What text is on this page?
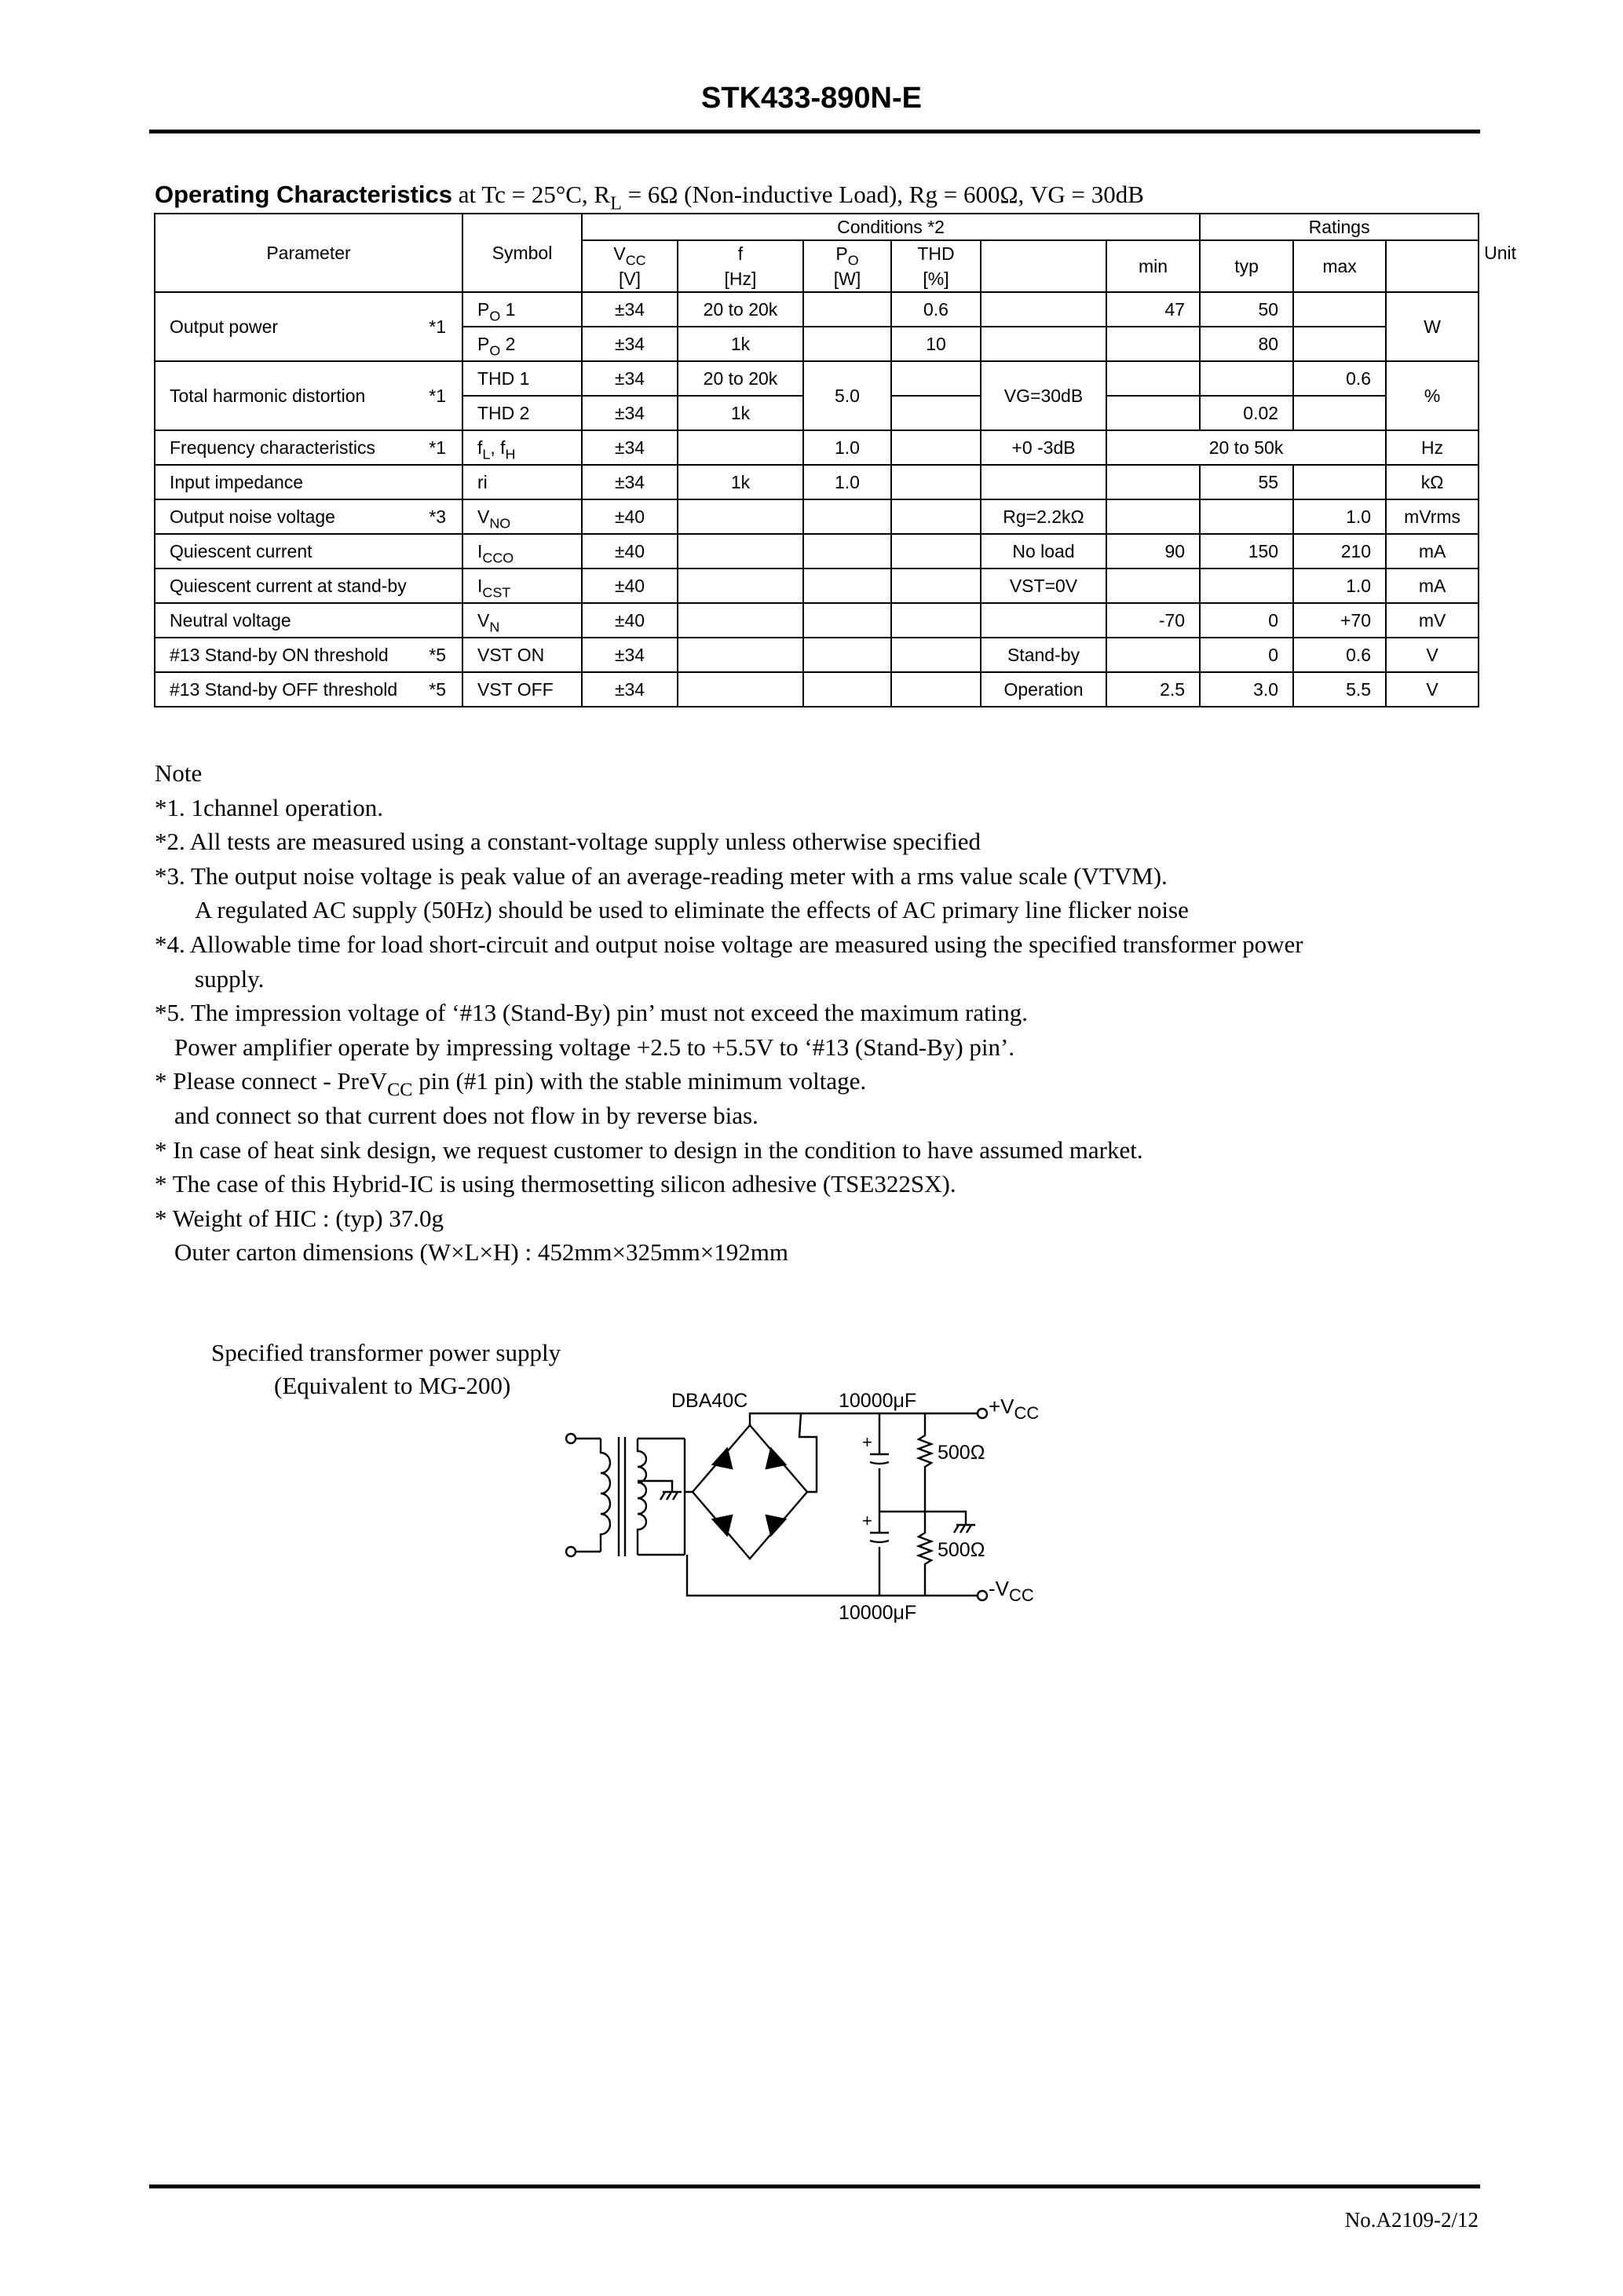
STK433-890N-E
Operating Characteristics at Tc = 25°C, $R_L = 6\Omega$ (Non-inductive Load), Rg = 600Ω, VG = 30dB
Parameter		Symbol	Conditions *2						Ratings			Unit
			$V_{CC}$	f	$P_O$	THD		min	typ	max		
			[V]	[Hz]	[W]	[%]						
Output power	*1	$P_O$ 1	±34	20 to 20k		0.6		47	50		W	
		$P_O$ 2	±34	1k		10			80			
Total harmonic distortion	*1	THD 1	±34	20 to 20k	5.0		VG=30dB			0.6	%	
		THD 2	±34	1k					0.02			
Frequency characteristics	*1	$f_L$, $f_H$	±34		1.0		+0 -3dB	20 to 50k			Hz	
Input impedance		ri	±34	1k	1.0				55		kΩ	
Output noise voltage	*3	$V_{NO}$	±40				Rg=2.2kΩ			1.0	mVrms	
Quiescent current		$I_{CCO}$	±40				No load	90	150	210	mA	
Quiescent current at stand-by		$I_{CST}$	±40				VST=0V			1.0	mA	
Neutral voltage		$V_N$	±40					-70	0	+70	mV	
#13 Stand-by ON threshold	*5	VST ON	±34				Stand-by		0	0.6	V	
#13 Stand-by OFF threshold	*5	VST OFF	±34				Operation	2.5	3.0	5.5	V	
Note
*1. 1channel operation.
*2. All tests are measured using a constant-voltage supply unless otherwise specified
*3. The output noise voltage is peak value of an average-reading meter with a rms value scale (VTVM).
A regulated AC supply (50Hz) should be used to eliminate the effects of AC primary line flicker noise
*4. Allowable time for load short-circuit and output noise voltage are measured using the specified transformer power
supply.
*5. The impression voltage of ‘#13 (Stand-By) pin’ must not exceed the maximum rating.
Power amplifier operate by impressing voltage +2.5 to +5.5V to ‘#13 (Stand-By) pin’.
* Please connect - PreV$_{CC}$ pin (#1 pin) with the stable minimum voltage.
and connect so that current does not flow in by reverse bias.
* In case of heat sink design, we request customer to design in the condition to have assumed market.
* The case of this Hybrid-IC is using thermosetting silicon adhesive (TSE322SX).
* Weight of HIC : (typ) 37.0g
Outer carton dimensions (W×L×H) : 452mm×325mm×192mm
Specified transformer power supply
(Equivalent to MG-200)
DBA40C	10000μF
10000μF
500Ω
500Ω
+
+
$+V_{CC}$
$-V_{CC}$
No.A2109-2/12
